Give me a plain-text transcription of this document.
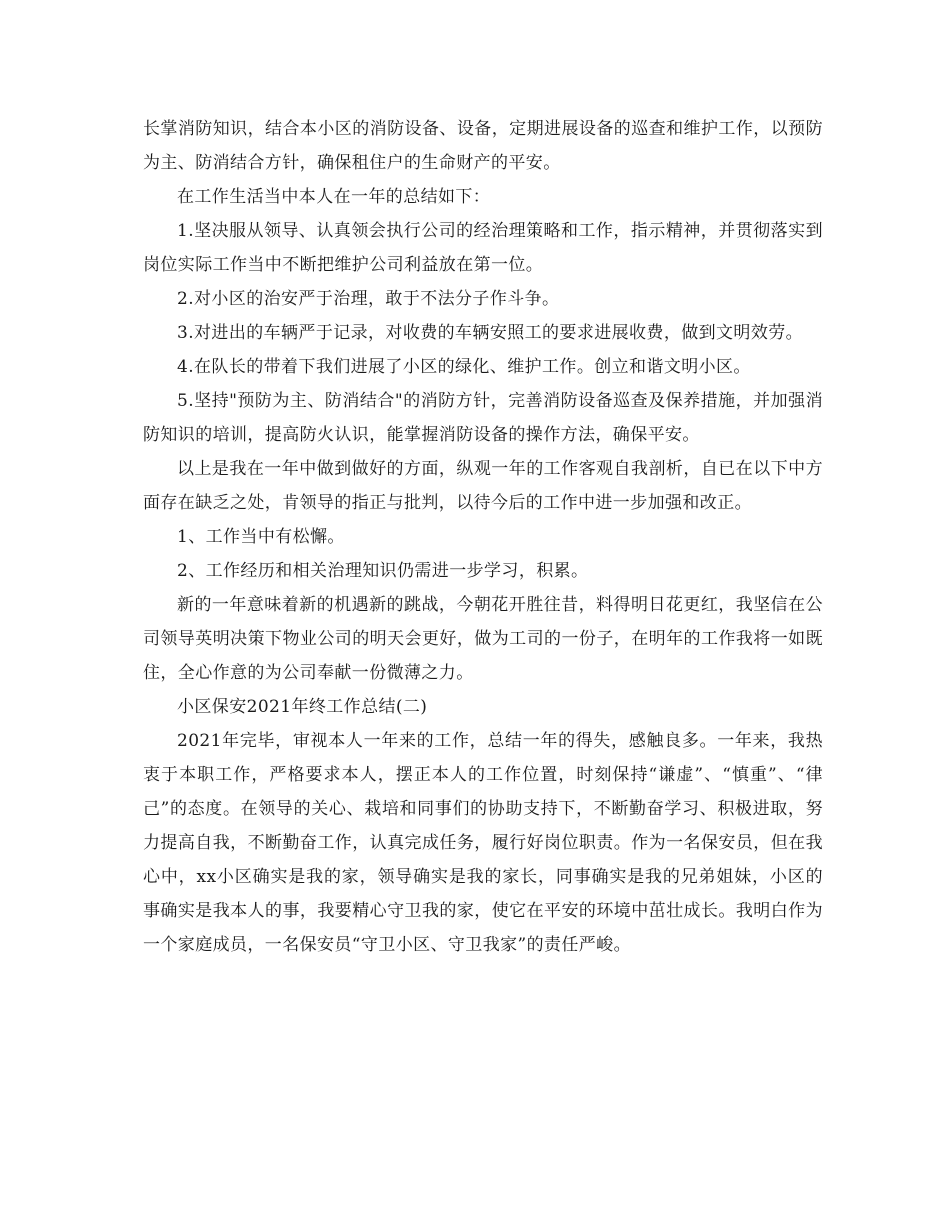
长掌消防知识，结合本小区的消防设备、设备，定期进展设备的巡查和维护工作，以预防为主、防消结合方针，确保租住户的生命财产的平安。

在工作生活当中本人在一年的总结如下：

1.坚决服从领导、认真领会执行公司的经治理策略和工作，指示精神，并贯彻落实到岗位实际工作当中不断把维护公司利益放在第一位。

2.对小区的治安严于治理，敢于不法分子作斗争。

3.对进出的车辆严于记录，对收费的车辆安照工的要求进展收费，做到文明效劳。

4.在队长的带着下我们进展了小区的绿化、维护工作。创立和谐文明小区。

5.坚持"预防为主、防消结合"的消防方针，完善消防设备巡查及保养措施，并加强消防知识的培训，提高防火认识，能掌握消防设备的操作方法，确保平安。

以上是我在一年中做到做好的方面，纵观一年的工作客观自我剖析，自已在以下中方面存在缺乏之处，肯领导的指正与批判，以待今后的工作中进一步加强和改正。

1、工作当中有松懈。

2、工作经历和相关治理知识仍需进一步学习，积累。

新的一年意味着新的机遇新的跳战，今朝花开胜往昔，料得明日花更红，我坚信在公司领导英明决策下物业公司的明天会更好，做为工司的一份子，在明年的工作我将一如既住，全心作意的为公司奉献一份微薄之力。

小区保安2021年终工作总结(二)

2021年完毕，审视本人一年来的工作，总结一年的得失，感触良多。一年来，我热衷于本职工作，严格要求本人，摆正本人的工作位置，时刻保持“谦虚”、“慎重”、“律己”的态度。在领导的关心、栽培和同事们的协助支持下，不断勤奋学习、积极进取，努力提高自我，不断勤奋工作，认真完成任务，履行好岗位职责。作为一名保安员，但在我心中，xx小区确实是我的家，领导确实是我的家长，同事确实是我的兄弟姐妹，小区的事确实是我本人的事，我要精心守卫我的家，使它在平安的环境中茁壮成长。我明白作为一个家庭成员，一名保安员“守卫小区、守卫我家”的责任严峻。
